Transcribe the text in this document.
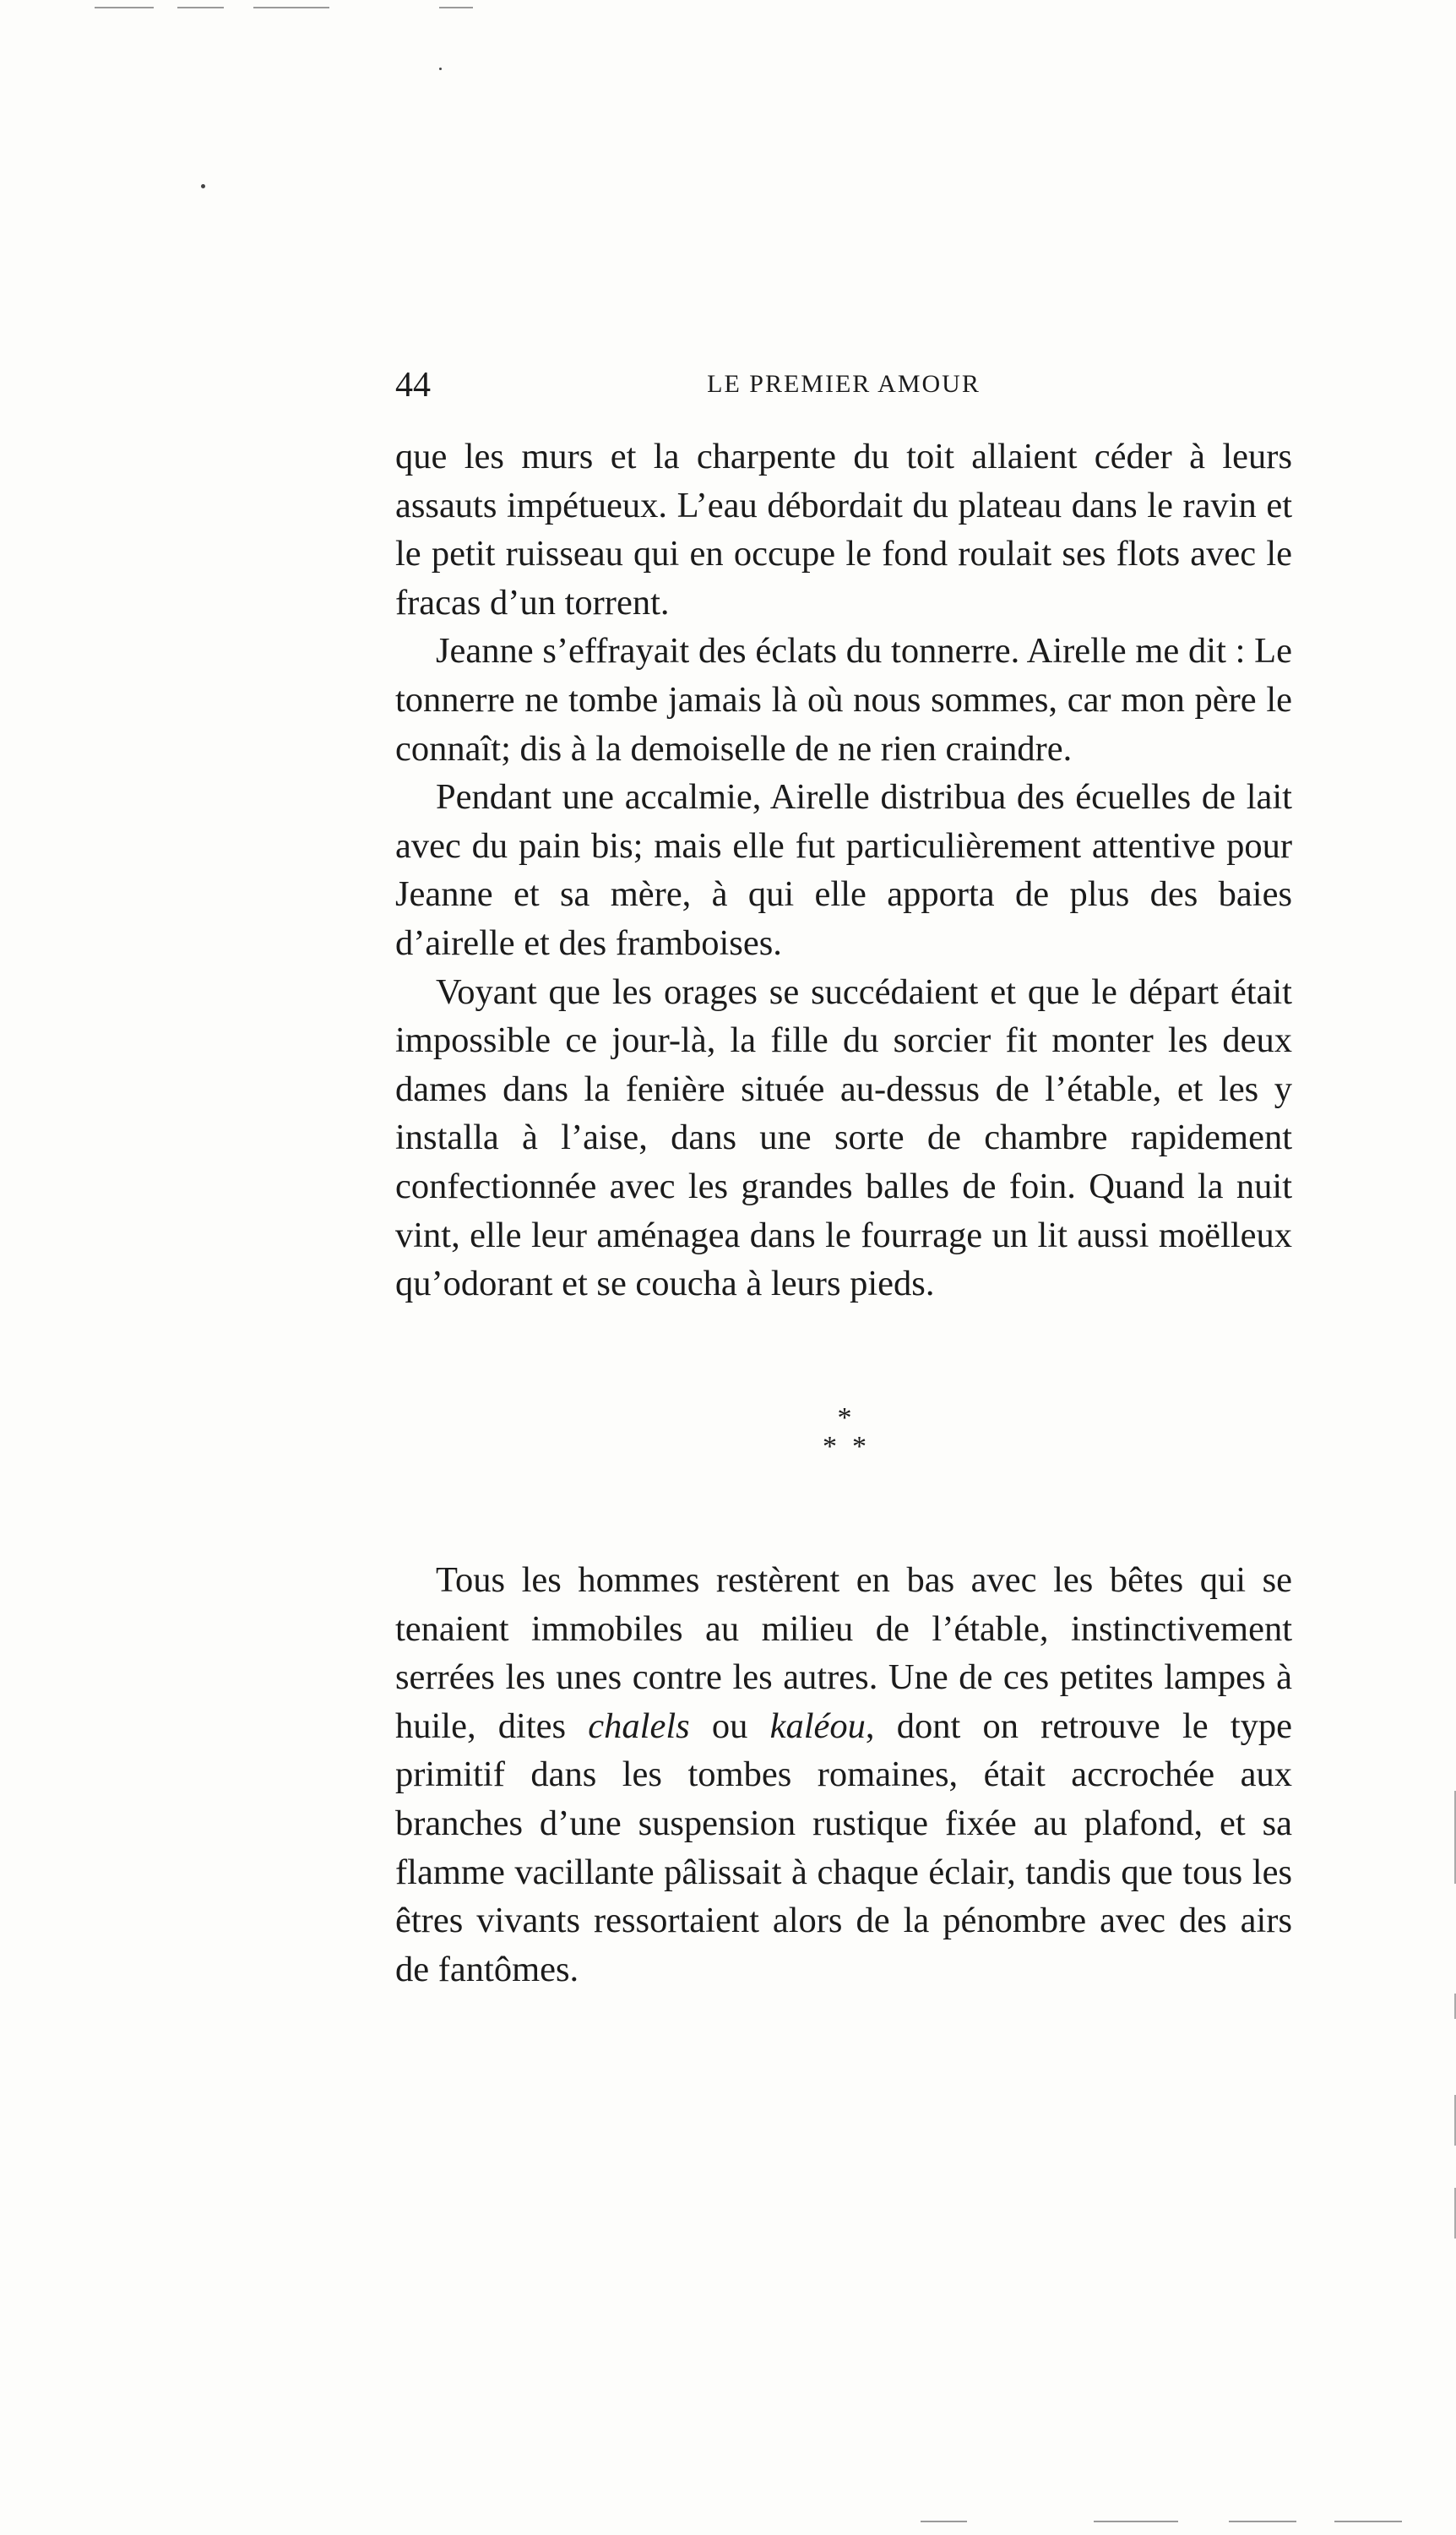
44	LE PREMIER AMOUR

que les murs et la charpente du toit allaient céder à leurs assauts impétueux. L’eau débordait du plateau dans le ravin et le petit ruisseau qui en occupe le fond roulait ses flots avec le fracas d’un torrent.

Jeanne s’effrayait des éclats du tonnerre. Airelle me dit : Le tonnerre ne tombe jamais là où nous sommes, car mon père le connaît; dis à la demoiselle de ne rien craindre.

Pendant une accalmie, Airelle distribua des écuelles de lait avec du pain bis; mais elle fut particulièrement attentive pour Jeanne et sa mère, à qui elle apporta de plus des baies d’airelle et des framboises.

Voyant que les orages se succédaient et que le départ était impossible ce jour-là, la fille du sorcier fit monter les deux dames dans la fenière située au-dessus de l’étable, et les y installa à l’aise, dans une sorte de chambre rapidement confectionnée avec les grandes balles de foin. Quand la nuit vint, elle leur aménagea dans le fourrage un lit aussi moëlleux qu’odorant et se coucha à leurs pieds.

*
* *

Tous les hommes restèrent en bas avec les bêtes qui se tenaient immobiles au milieu de l’étable, instinctivement serrées les unes contre les autres. Une de ces petites lampes à huile, dites chalels ou kaléou, dont on retrouve le type primitif dans les tombes romaines, était accrochée aux branches d’une suspension rustique fixée au plafond, et sa flamme vacillante pâlissait à chaque éclair, tandis que tous les êtres vivants ressortaient alors de la pénombre avec des airs de fantômes.
